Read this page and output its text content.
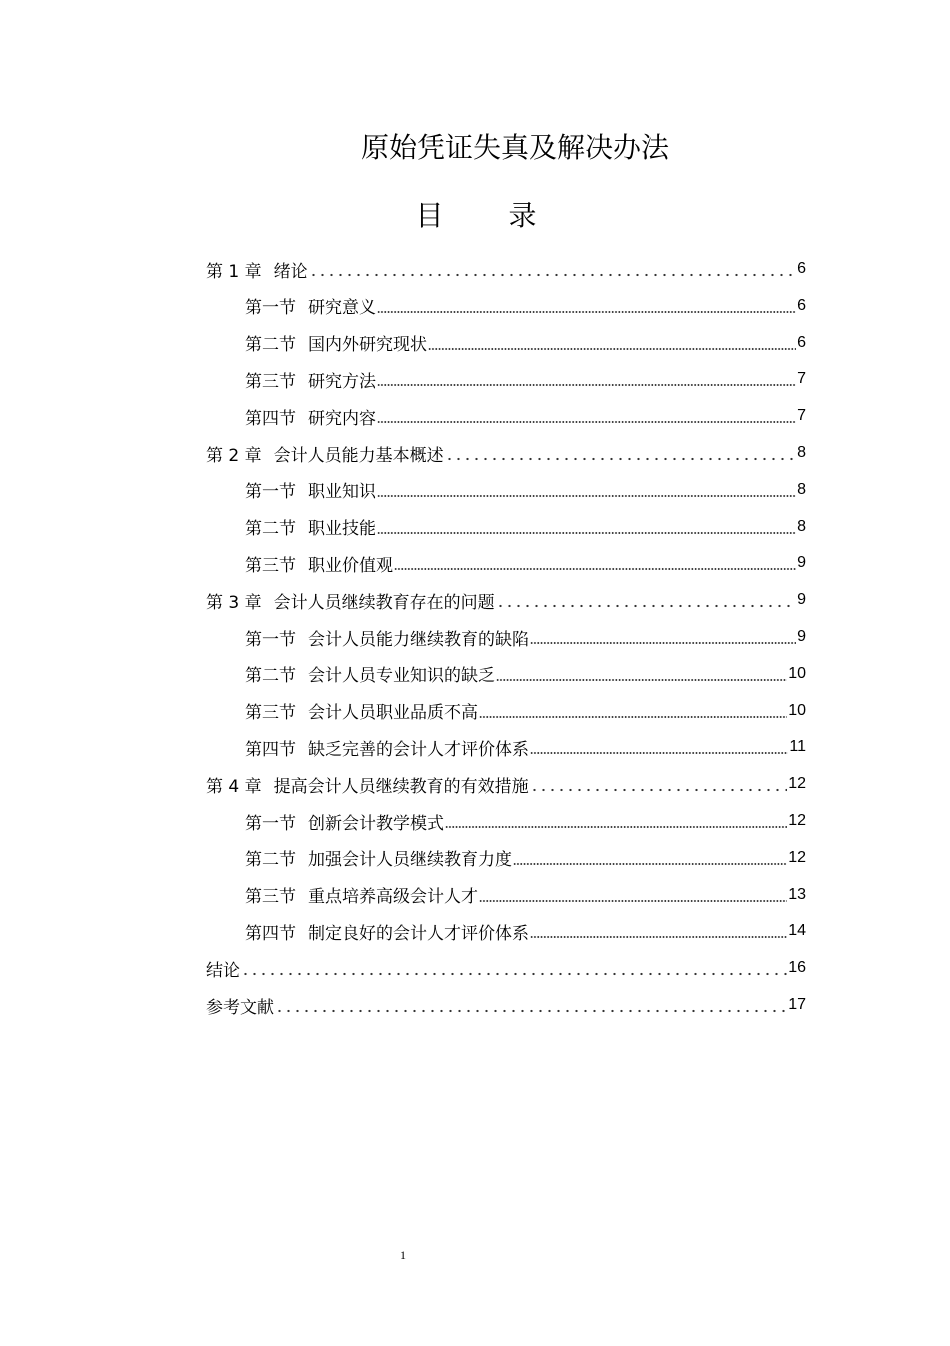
原始凭证失真及解决办法
目 录
第 1 章 绪论	6
第一节 研究意义	6
第二节 国内外研究现状	6
第三节 研究方法	7
第四节 研究内容	7
第 2 章 会计人员能力基本概述	8
第一节 职业知识	8
第二节 职业技能	8
第三节 职业价值观	9
第 3 章 会计人员继续教育存在的问题	9
第一节 会计人员能力继续教育的缺陷	9
第二节 会计人员专业知识的缺乏	10
第三节 会计人员职业品质不高	10
第四节 缺乏完善的会计人才评价体系	11
第 4 章 提高会计人员继续教育的有效措施	12
第一节 创新会计教学模式	12
第二节 加强会计人员继续教育力度	12
第三节 重点培养高级会计人才	13
第四节 制定良好的会计人才评价体系	14
结论	16
参考文献	17
1
